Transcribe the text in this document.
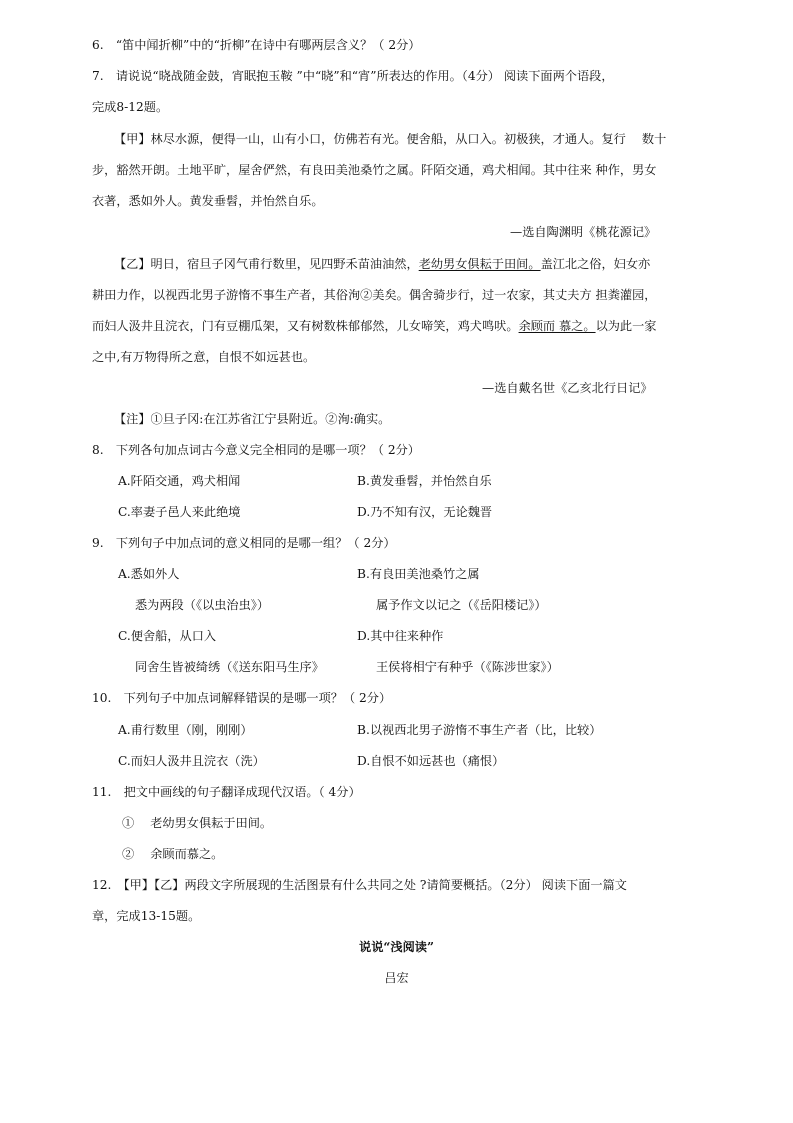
6.　“笛中闻折柳”中的“折柳”在诗中有哪两层含义？（ 2分）
7.　请说说“晓战随金鼓，宵眠抱玉鞍 ”中“晓”和“宵”所表达的作用。（4分） 阅读下面两个语段，
完成8-12题。
【甲】林尽水源，便得一山，山有小口，仿佛若有光。便舍船，从口入。初极狭，才通人。复行　 数十
步，豁然开朗。土地平旷，屋舍俨然，有良田美池桑竹之属。阡陌交通，鸡犬相闻。其中往来 种作，男女
衣著，悉如外人。黄发垂髫，并怡然自乐。
—选自陶渊明《桃花源记》
【乙】明日，宿旦子冈气甫行数里，见四野禾苗油油然，老幼男女俱耘于田间。盖江北之俗，妇女亦
耕田力作，以视西北男子游惰不事生产者，其俗洵②美矣。偶舍骑步行，过一农家，其丈夫方 担粪灌园，
而妇人汲井且浣衣，门有豆棚瓜架，又有树数株郁郁然，儿女啼笑，鸡犬鸣吠。余顾而 慕之。以为此一家
之中,有万物得所之意，自恨不如远甚也。
—选自戴名世《乙亥北行日记》
【注】①旦子冈:在江苏省江宁县附近。②洵:确实。
8.　下列各句加点词古今意义完全相同的是哪一项？（ 2分）
A.阡陌交通，鸡犬相闻	B.黄发垂髫，并怡然自乐
C.率妻子邑人来此绝境	D.乃不知有汉，无论魏晋
9.　下列句子中加点词的意义相同的是哪一组？（ 2分）
A.悉如外人	B.有良田美池桑竹之属
悉为两段（《以虫治虫》）	属予作文以记之（《岳阳楼记》）
C.便舍船，从口入	D.其中往来种作
同舍生皆被绮绣（《送东阳马生序》	王侯将相宁有种乎（《陈涉世家》）
10.　下列句子中加点词解释错误的是哪一项？（ 2分）
A.甫行数里（刚，刚刚）	B.以视西北男子游惰不事生产者（比，比较）
C.而妇人汲井且浣衣（洗）	D.自恨不如远甚也（痛恨）
11.　把文中画线的句子翻译成现代汉语。（ 4分）
①　 老幼男女俱耘于田间。
②　 余顾而慕之。
12.　【甲】【乙】两段文字所展现的生活图景有什么共同之处 ?请简要概括。（2分） 阅读下面一篇文
章，完成13-15题。
说说“浅阅读”
吕宏
